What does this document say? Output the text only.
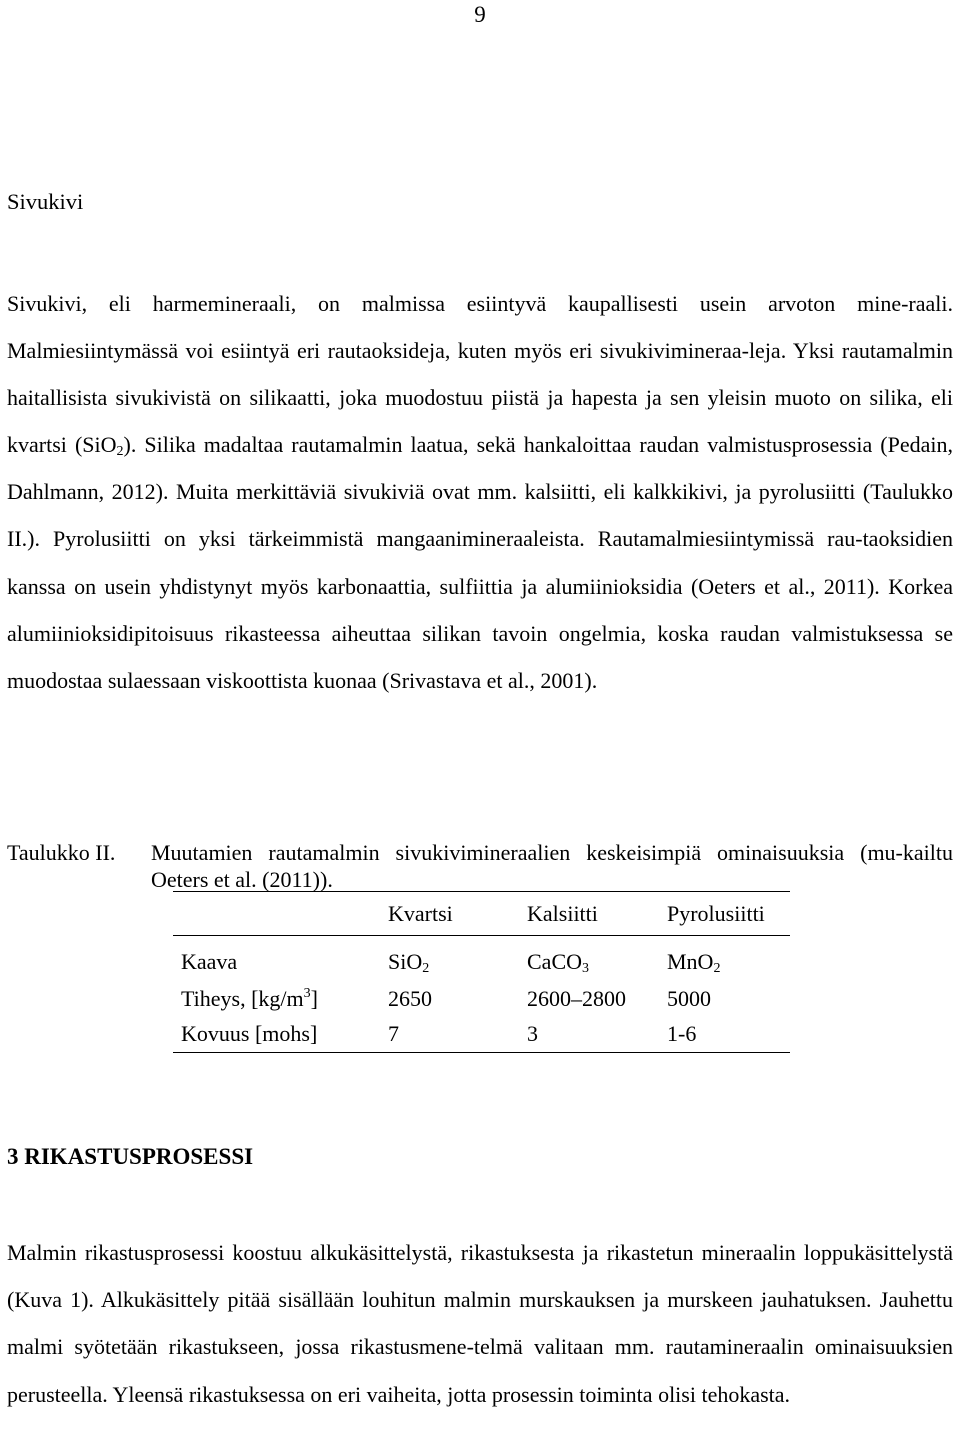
9
Sivukivi

Sivukivi, eli harmemineraali, on malmissa esiintyvä kaupallisesti usein arvoton mine-raali. Malmiesiintymässä voi esiintyä eri rautaoksideja, kuten myös eri sivukivimineraa-leja. Yksi rautamalmin haitallisista sivukivistä on silikaatti, joka muodostuu piistä ja hapesta ja sen yleisin muoto on silika, eli kvartsi (SiO$_2$). Silika madaltaa rautamalmin laatua, sekä hankaloittaa raudan valmistusprosessia (Pedain, Dahlmann, 2012). Muita merkittäviä sivukiviä ovat mm. kalsiitti, eli kalkkikivi, ja pyrolusiitti (Taulukko II.). Pyrolusiitti on yksi tärkeimmistä mangaanimineraaleista. Rautamalmiesiintymissä rau-taoksidien kanssa on usein yhdistynyt myös karbonaattia, sulfiittia ja alumiinioksidia (Oeters et al., 2011). Korkea alumiinioksidipitoisuus rikasteessa aiheuttaa silikan tavoin ongelmia, koska raudan valmistuksessa se muodostaa sulaessaan viskoottista kuonaa (Srivastava et al., 2001).

Taulukko II. Muutamien rautamalmin sivukivimineraalien keskeisimpiä ominaisuuksia (mu-kailtu Oeters et al. (2011)).
	Kvartsi	Kalsiitti	Pyrolusiitti
Kaava	SiO$_2$	CaCO$_3$	MnO$_2$
Tiheys, $[kg/m^3]$	2650	2600–2800	5000
Kovuus [mohs]	7	3	1-6
3 RIKASTUSPROSESSI

Malmin rikastusprosessi koostuu alkukäsittelystä, rikastuksesta ja rikastetun mineraalin loppukäsittelystä (Kuva 1). Alkukäsittely pitää sisällään louhitun malmin murskauksen ja murskeen jauhatuksen. Jauhettu malmi syötetään rikastukseen, jossa rikastusmene-telmä valitaan mm. rautamineraalin ominaisuuksien perusteella. Yleensä rikastuksessa on eri vaiheita, jotta prosessin toiminta olisi tehokasta.
